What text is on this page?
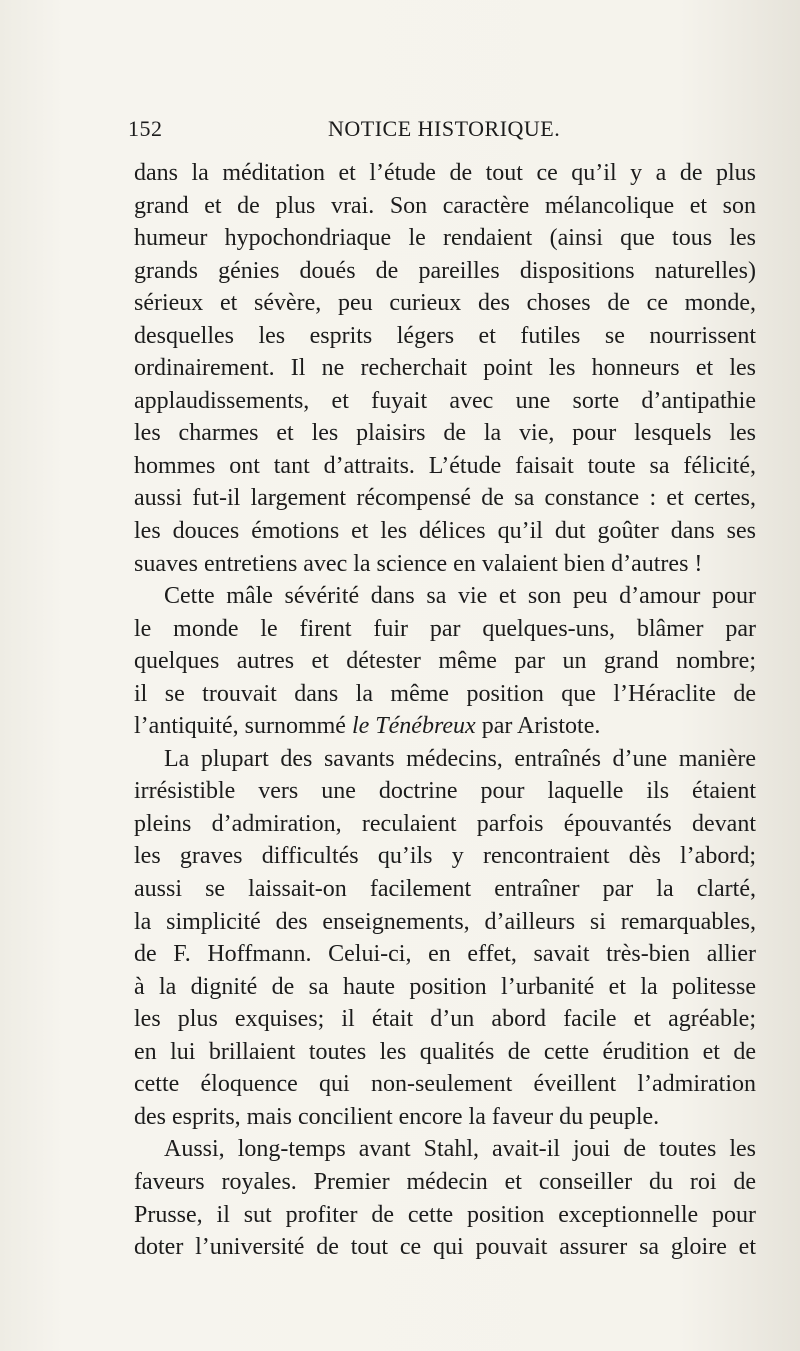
152	NOTICE HISTORIQUE.
dans la méditation et l’étude de tout ce qu’il y a de plus
grand et de plus vrai. Son caractère mélancolique et son
humeur hypochondriaque le rendaient (ainsi que tous les
grands génies doués de pareilles dispositions naturelles)
sérieux et sévère, peu curieux des choses de ce monde,
desquelles les esprits légers et futiles se nourrissent
ordinairement. Il ne recherchait point les honneurs et les
applaudissements, et fuyait avec une sorte d’antipathie
les charmes et les plaisirs de la vie, pour lesquels les
hommes ont tant d’attraits. L’étude faisait toute sa félicité,
aussi fut-il largement récompensé de sa constance : et certes,
les douces émotions et les délices qu’il dut goûter dans ses
suaves entretiens avec la science en valaient bien d’autres !
Cette mâle sévérité dans sa vie et son peu d’amour pour
le monde le firent fuir par quelques-uns, blâmer par
quelques autres et détester même par un grand nombre;
il se trouvait dans la même position que l’Héraclite de
l’antiquité, surnommé le Ténébreux par Aristote.
La plupart des savants médecins, entraînés d’une manière
irrésistible vers une doctrine pour laquelle ils étaient
pleins d’admiration, reculaient parfois épouvantés devant
les graves difficultés qu’ils y rencontraient dès l’abord;
aussi se laissait-on facilement entraîner par la clarté,
la simplicité des enseignements, d’ailleurs si remarquables,
de F. Hoffmann. Celui-ci, en effet, savait très-bien allier
à la dignité de sa haute position l’urbanité et la politesse
les plus exquises; il était d’un abord facile et agréable;
en lui brillaient toutes les qualités de cette érudition et de
cette éloquence qui non-seulement éveillent l’admiration
des esprits, mais concilient encore la faveur du peuple.
Aussi, long-temps avant Stahl, avait-il joui de toutes les
faveurs royales. Premier médecin et conseiller du roi de
Prusse, il sut profiter de cette position exceptionnelle pour
doter l’université de tout ce qui pouvait assurer sa gloire et
